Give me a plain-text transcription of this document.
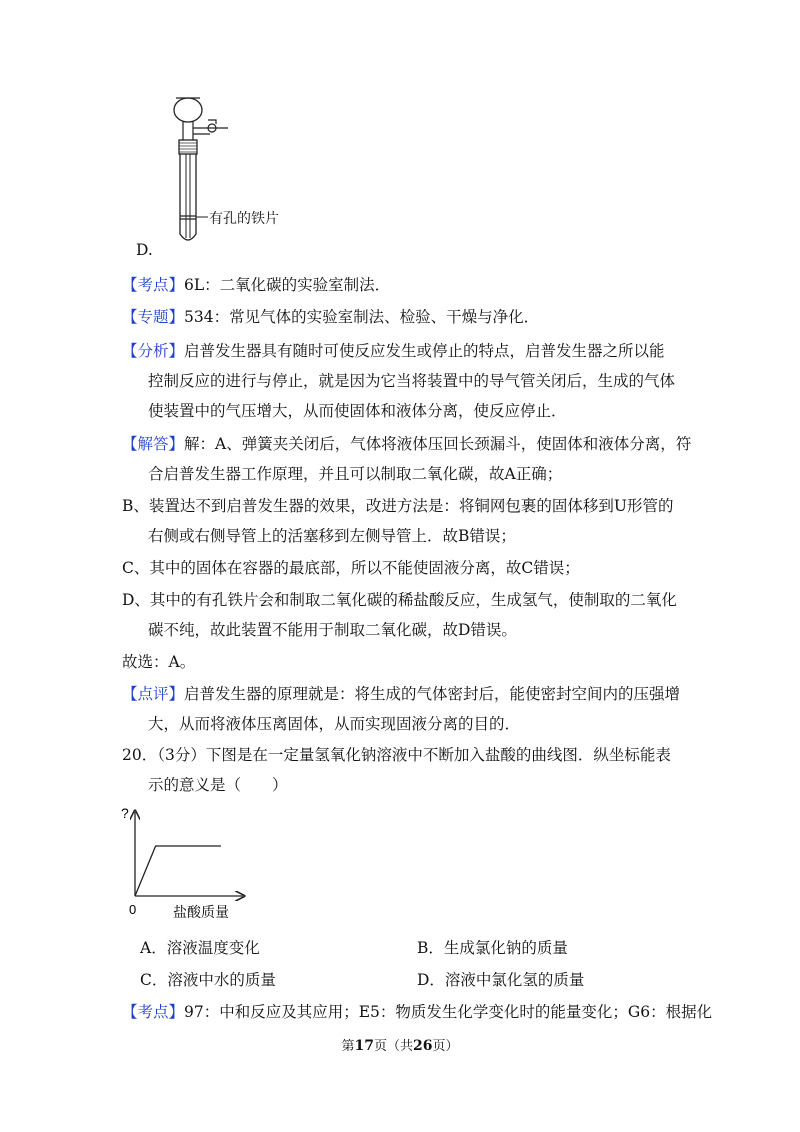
有孔的铁片
D.
【考点】6L：二氧化碳的实验室制法．
【专题】534：常见气体的实验室制法、检验、干燥与净化．
【分析】启普发生器具有随时可使反应发生或停止的特点，启普发生器之所以能
控制反应的进行与停止，就是因为它当将装置中的导气管关闭后，生成的气体
使装置中的气压增大，从而使固体和液体分离，使反应停止．
【解答】解：A、弹簧夹关闭后，气体将液体压回长颈漏斗，使固体和液体分离，符
合启普发生器工作原理，并且可以制取二氧化碳，故A正确；
B、装置达不到启普发生器的效果，改进方法是：将铜网包裹的固体移到U形管的
右侧或右侧导管上的活塞移到左侧导管上．故B错误；
C、其中的固体在容器的最底部，所以不能使固液分离，故C错误；
D、其中的有孔铁片会和制取二氧化碳的稀盐酸反应，生成氢气，使制取的二氧化
碳不纯，故此装置不能用于制取二氧化碳，故D错误。
故选：A。
【点评】启普发生器的原理就是：将生成的气体密封后，能使密封空间内的压强增
大，从而将液体压离固体，从而实现固液分离的目的．
20．（3分）下图是在一定量氢氧化钠溶液中不断加入盐酸的曲线图．纵坐标能表
示的意义是（　　）
?
0	盐酸质量
A．溶液温度变化	B．生成氯化钠的质量
C．溶液中水的质量	D．溶液中氯化氢的质量
【考点】97：中和反应及其应用；E5：物质发生化学变化时的能量变化；G6：根据化
第17页（共26页）
